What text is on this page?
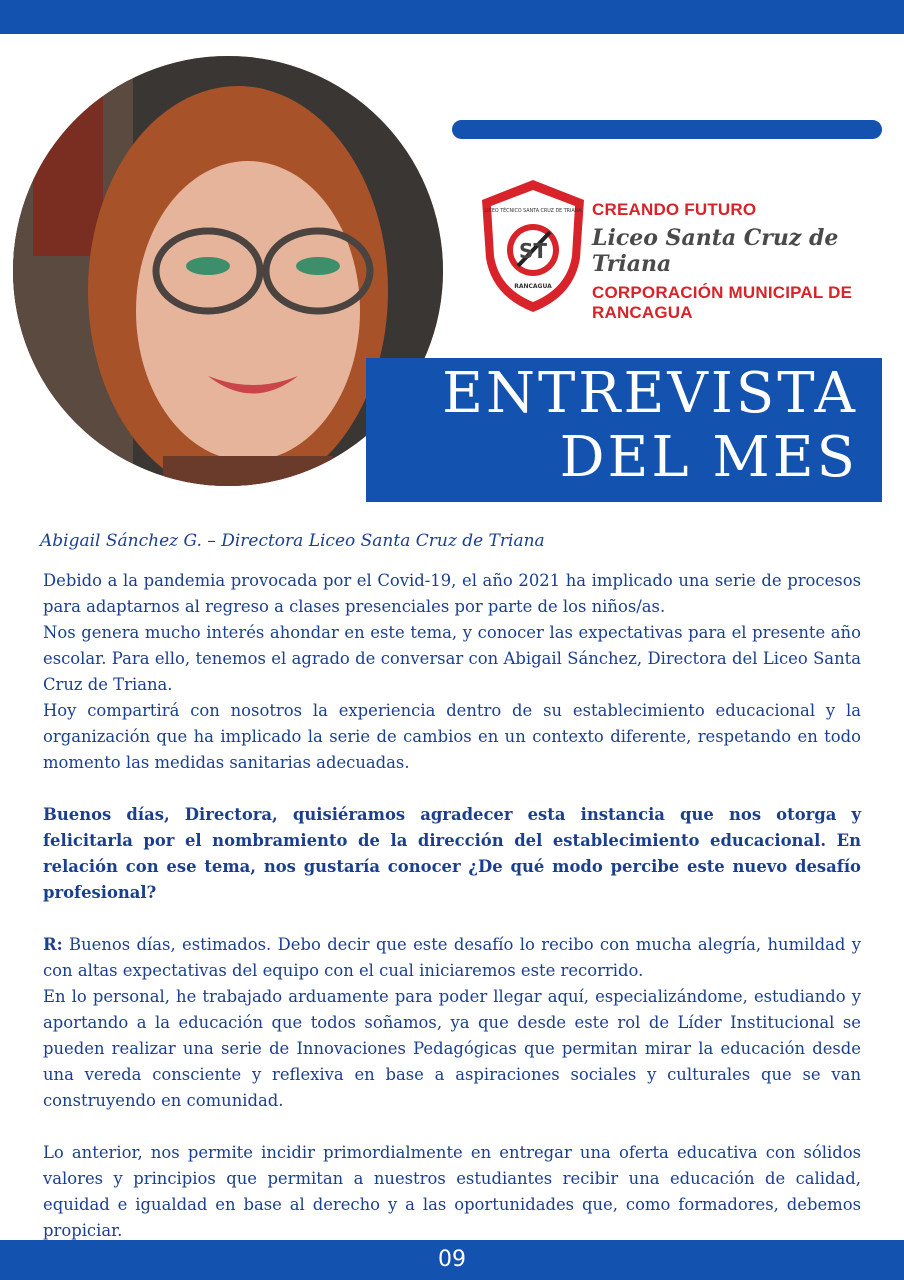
ST
LICEO TÉCNICO SANTA CRUZ DE TRIANA
RANCAGUA
CREANDO FUTURO
Liceo Santa Cruz de Triana
CORPORACIÓN MUNICIPAL DE RANCAGUA
ENTREVISTA
DEL MES
Abigail Sánchez G. – Directora Liceo Santa Cruz de Triana

Debido a la pandemia provocada por el Covid-19, el año 2021 ha implicado una serie de procesos para adaptarnos al regreso a clases presenciales por parte de los niños/as.

Nos genera mucho interés ahondar en este tema, y conocer las expectativas para el presente año escolar. Para ello, tenemos el agrado de conversar con Abigail Sánchez, Directora del Liceo Santa Cruz de Triana.

Hoy compartirá con nosotros la experiencia dentro de su establecimiento educacional y la organización que ha implicado la serie de cambios en un contexto diferente, respetando en todo momento las medidas sanitarias adecuadas.

Buenos días, Directora, quisiéramos agradecer esta instancia que nos otorga y felicitarla por el nombramiento de la dirección del establecimiento educacional. En relación con ese tema, nos gustaría conocer ¿De qué modo percibe este nuevo desafío profesional?

R: Buenos días, estimados. Debo decir que este desafío lo recibo con mucha alegría, humildad y con altas expectativas del equipo con el cual iniciaremos este recorrido.

En lo personal, he trabajado arduamente para poder llegar aquí, especializándome, estudiando y aportando a la educación que todos soñamos, ya que desde este rol de Líder Institucional se pueden realizar una serie de Innovaciones Pedagógicas que permitan mirar la educación desde una vereda consciente y reflexiva en base a aspiraciones sociales y culturales que se van construyendo en comunidad.

Lo anterior, nos permite incidir primordialmente en entregar una oferta educativa con sólidos valores y principios que permitan a nuestros estudiantes recibir una educación de calidad, equidad e igualdad en base al derecho y a las oportunidades que, como formadores, debemos propiciar.

09
